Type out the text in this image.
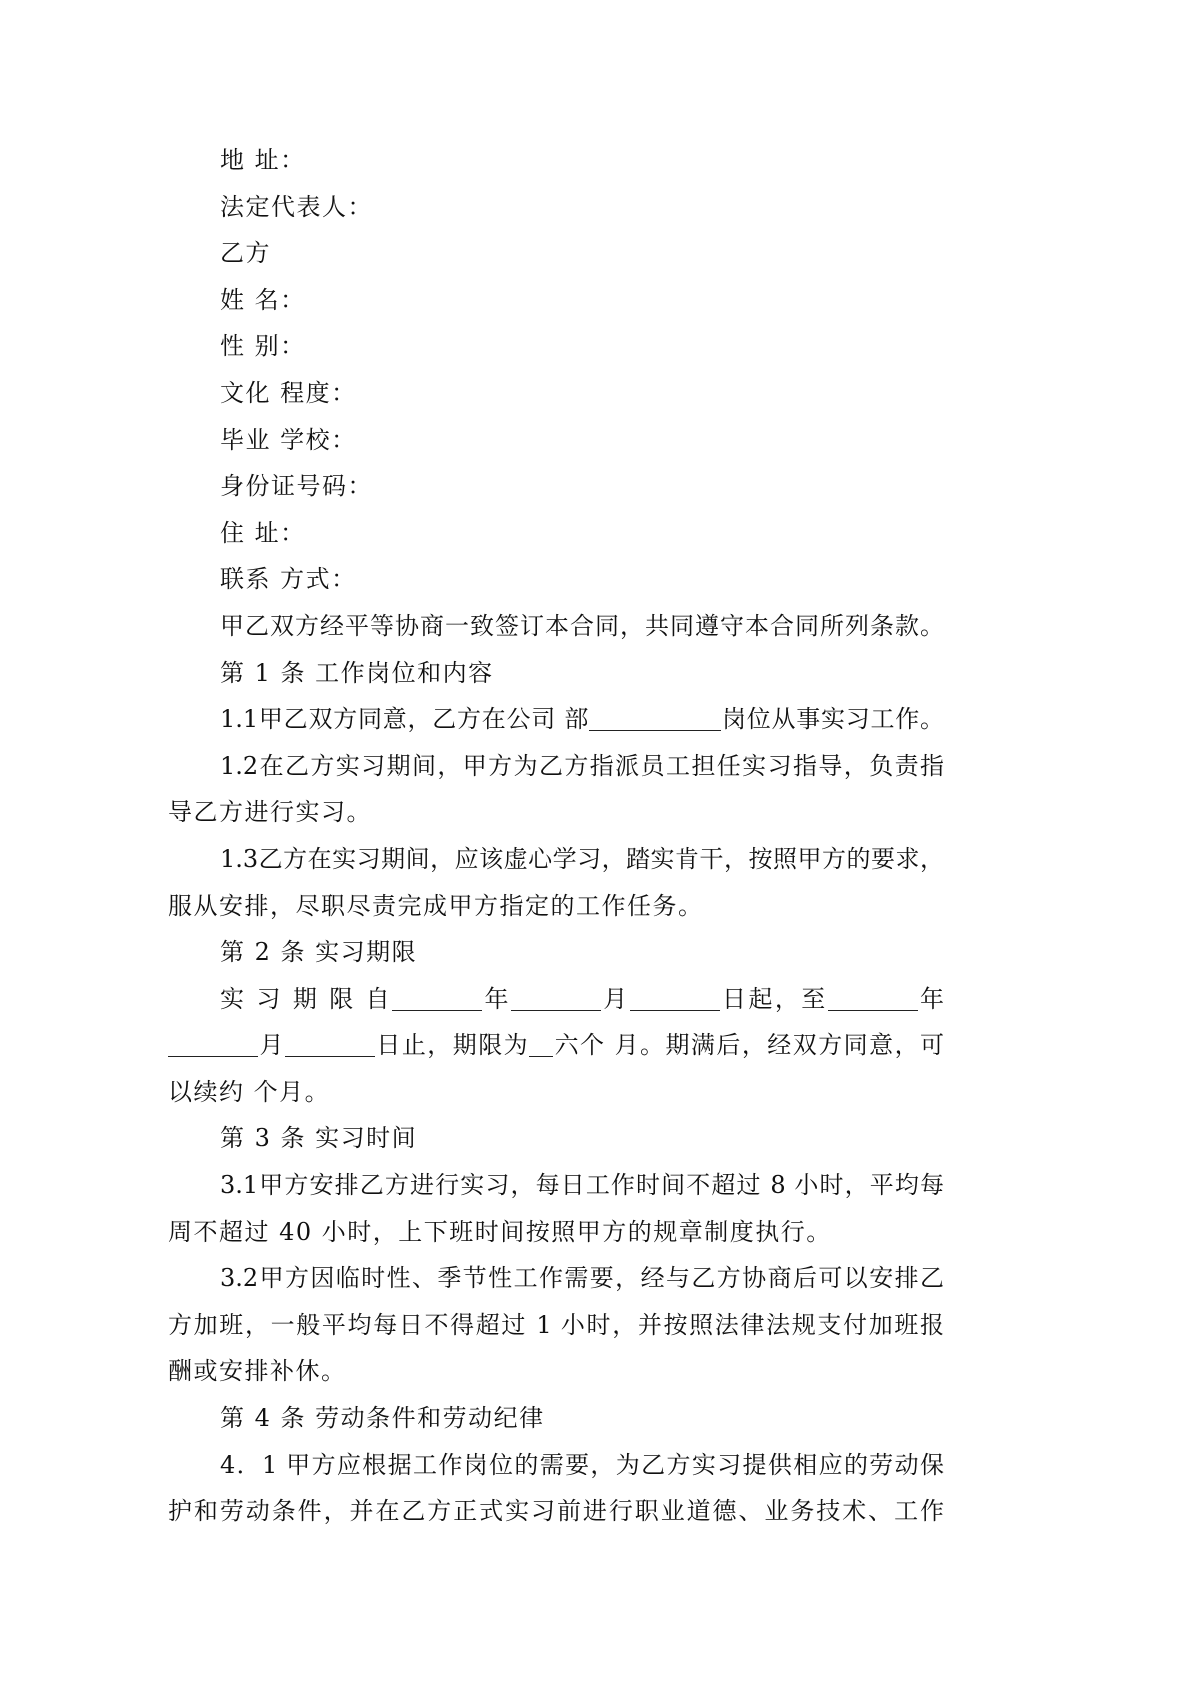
地 址：
法定代表人：
乙方
姓 名：
性 别：
文化 程度：
毕业 学校：
身份证号码：
住 址：
联系 方式：
甲乙双方经平等协商一致签订本合同，共同遵守本合同所列条款。
第 1 条 工作岗位和内容
1.1甲乙双方同意，乙方在公司 部	岗位从事实习工作。
1.2在乙方实习期间，甲方为乙方指派员工担任实习指导，负责指
导乙方进行实习。
1.3乙方在实习期间，应该虚心学习，踏实肯干，按照甲方的要求，
服从安排，尽职尽责完成甲方指定的工作任务。
第 2 条 实习期限
实 习 期 限 自	年	月	日起，至	年
月	日止，期限为 六个 月。期满后，经双方同意，可
以续约 个月。
第 3 条 实习时间
3.1甲方安排乙方进行实习，每日工作时间不超过 8 小时，平均每
周不超过 40 小时，上下班时间按照甲方的规章制度执行。
3.2甲方因临时性、季节性工作需要，经与乙方协商后可以安排乙
方加班，一般平均每日不得超过 1 小时，并按照法律法规支付加班报
酬或安排补休。
第 4 条 劳动条件和劳动纪律
4．1 甲方应根据工作岗位的需要，为乙方实习提供相应的劳动保
护和劳动条件，并在乙方正式实习前进行职业道德、业务技术、工作
